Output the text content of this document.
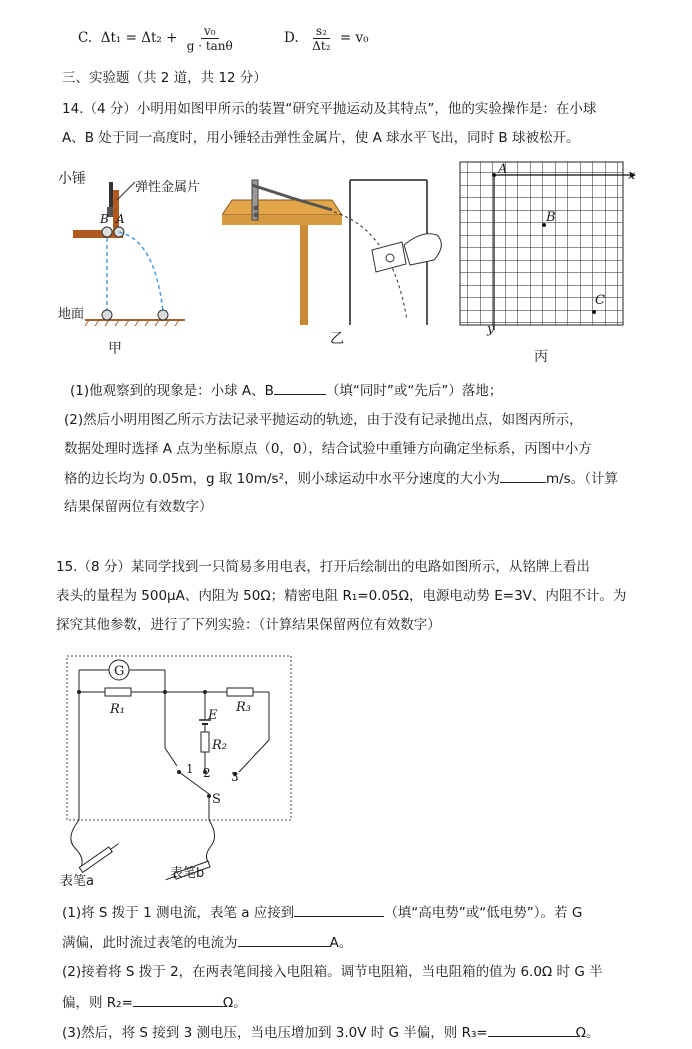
C. $\Delta t_1 = \Delta t_2 + \frac{\text{v₀}}{g \cdot \tan\theta}$	D. $\frac{\text{s₂}}{\text{Δt₂}} = v_0$
三、实验题（共 2 道，共 12 分）
14.（4 分）小明用如图甲所示的装置“研究平抛运动及其特点”，他的实验操作是：在小球
A、B 处于同一高度时，用小锤轻击弹性金属片，使 A 球水平飞出，同时 B 球被松开。
小锤
弹性金属片
B A
地面
甲
乙
A
B
C
x
y
丙
(1)他观察到的现象是：小球 A、B	（填“同时”或“先后”）落地；
(2)然后小明用图乙所示方法记录平抛运动的轨迹，由于没有记录抛出点，如图丙所示，
数据处理时选择 A 点为坐标原点（0，0），结合试验中重锤方向确定坐标系，丙图中小方
格的边长均为 0.05m，g 取 10m/s²，则小球运动中水平分速度的大小为	m/s。（计算
结果保留两位有效数字）
15.（8 分）某同学找到一只简易多用电表，打开后绘制出的电路如图所示，从铭牌上看出
表头的量程为 500μA、内阻为 50Ω；精密电阻 R₁=0.05Ω，电源电动势 E=3V、内阻不计。为
探究其他参数，进行了下列实验：（计算结果保留两位有效数字）
G
R₁	R₃
E
R₂
1 2 3
S
表笔a
表笔b
(1)将 S 拨于 1 测电流，表笔 a 应接到	（填“高电势”或“低电势”）。若 G
满偏，此时流过表笔的电流为	A。
(2)接着将 S 拨于 2，在两表笔间接入电阻箱。调节电阻箱，当电阻箱的值为 6.0Ω 时 G 半
偏，则 R₂=	Ω。
(3)然后，将 S 接到 3 测电压，当电压增加到 3.0V 时 G 半偏，则 R₃=	Ω。
